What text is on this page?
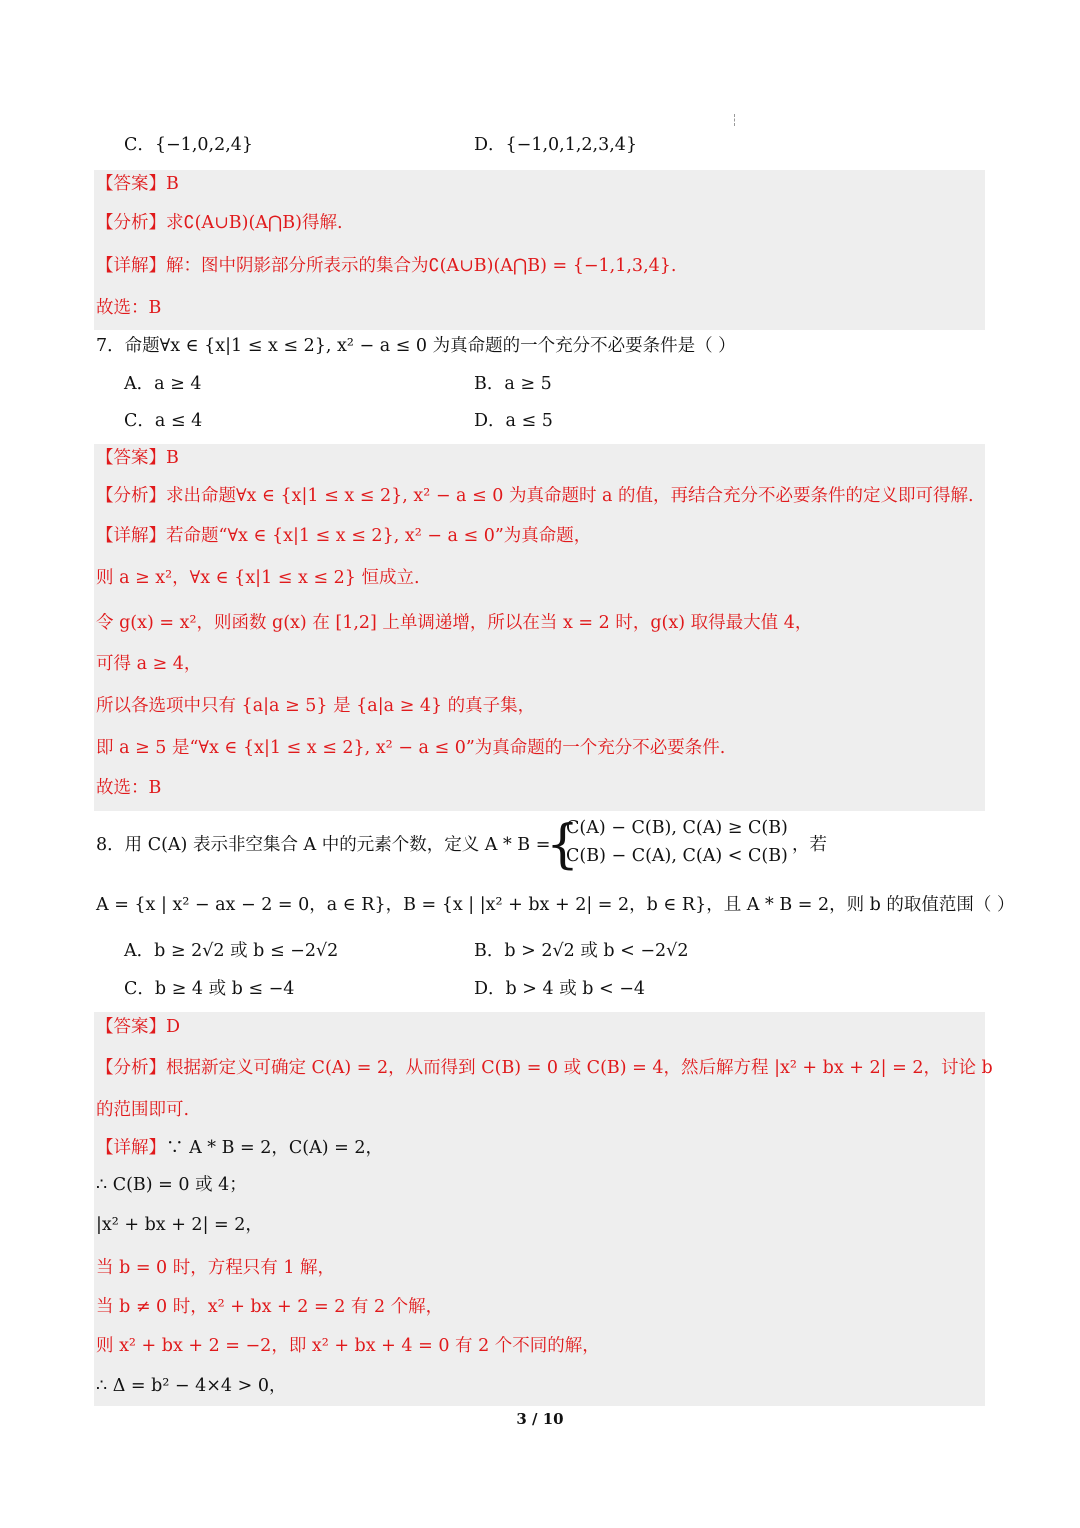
C．{−1,0,2,4}	D．{−1,0,1,2,3,4}
【答案】B
【分析】求∁(A∪B)(A⋂B)得解.
【详解】解：图中阴影部分所表示的集合为∁(A∪B)(A⋂B) = {−1,1,3,4}.
故选：B
7．命题∀x ∈ {x|1 ≤ x ≤ 2}, x² − a ≤ 0 为真命题的一个充分不必要条件是（ ）
A．a ≥ 4	B．a ≥ 5
C．a ≤ 4	D．a ≤ 5
【答案】B
【分析】求出命题∀x ∈ {x|1 ≤ x ≤ 2}, x² − a ≤ 0 为真命题时 a 的值，再结合充分不必要条件的定义即可得解.
【详解】若命题“∀x ∈ {x|1 ≤ x ≤ 2}, x² − a ≤ 0”为真命题，
则 a ≥ x²，∀x ∈ {x|1 ≤ x ≤ 2} 恒成立.
令 g(x) = x²，则函数 g(x) 在 [1,2] 上单调递增，所以在当 x = 2 时，g(x) 取得最大值 4，
可得 a ≥ 4，
所以各选项中只有 {a|a ≥ 5} 是 {a|a ≥ 4} 的真子集，
即 a ≥ 5 是“∀x ∈ {x|1 ≤ x ≤ 2}, x² − a ≤ 0”为真命题的一个充分不必要条件.
故选：B
8．用 C(A) 表示非空集合 A 中的元素个数，定义 A * B =
{
C(A) − C(B), C(A) ≥ C(B)
C(B) − C(A), C(A) < C(B)
，若
A = {x | x² − ax − 2 = 0，a ∈ R}，B = {x | |x² + bx + 2| = 2，b ∈ R}，且 A * B = 2，则 b 的取值范围（ ）
A．b ≥ 2√2 或 b ≤ −2√2	B．b > 2√2 或 b < −2√2
C．b ≥ 4 或 b ≤ −4	D．b > 4 或 b < −4
【答案】D
【分析】根据新定义可确定 C(A) = 2，从而得到 C(B) = 0 或 C(B) = 4，然后解方程 |x² + bx + 2| = 2，讨论 b
的范围即可.
【详解】∵ A * B = 2，C(A) = 2，
∴ C(B) = 0 或 4；
|x² + bx + 2| = 2，
当 b = 0 时，方程只有 1 解，
当 b ≠ 0 时，x² + bx + 2 = 2 有 2 个解，
则 x² + bx + 2 = −2，即 x² + bx + 4 = 0 有 2 个不同的解，
∴ Δ = b² − 4×4 > 0，
3 / 10
